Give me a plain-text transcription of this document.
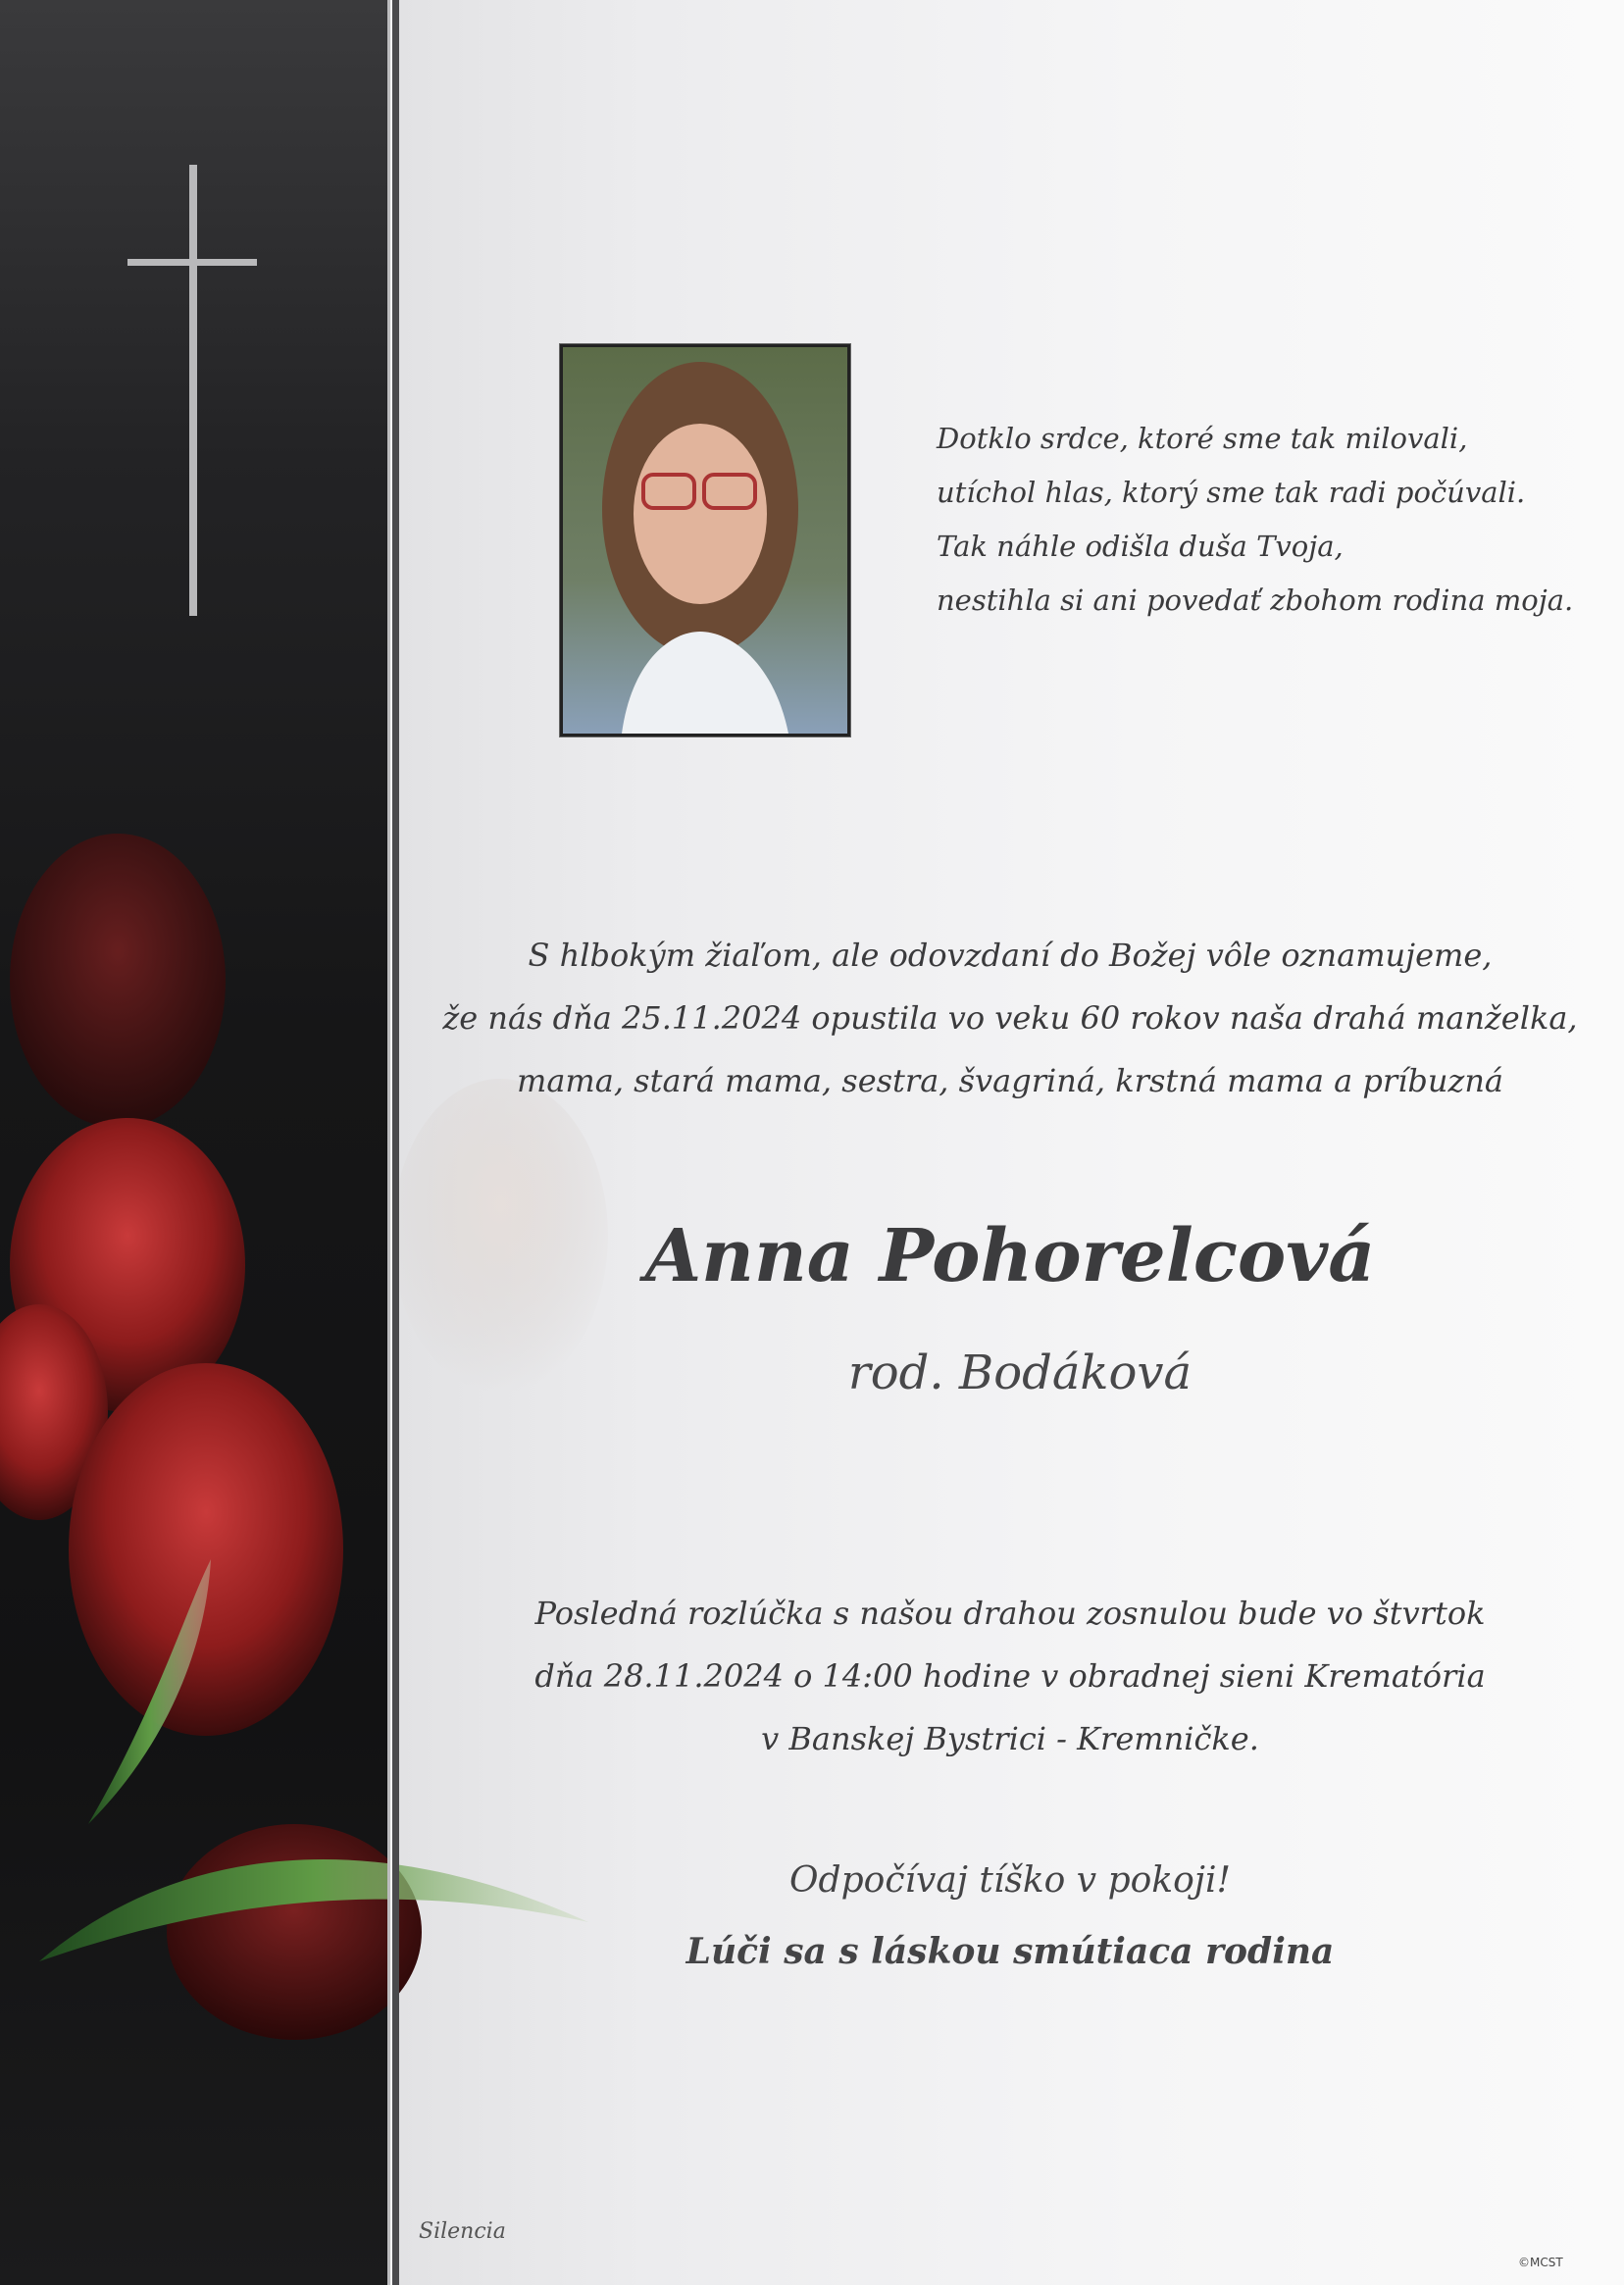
Dotklo srdce, ktoré sme tak milovali,
utíchol hlas, ktorý sme tak radi počúvali.
Tak náhle odišla duša Tvoja,
nestihla si ani povedať zbohom rodina moja.
S hlbokým žiaľom, ale odovzdaní do Božej vôle oznamujeme,
že nás dňa 25.11.2024 opustila vo veku 60 rokov naša drahá manželka,
mama, stará mama, sestra, švagriná, krstná mama a príbuzná
Anna Pohorelcová
rod. Bodáková
Posledná rozlúčka s našou drahou zosnulou bude vo štvrtok
dňa 28.11.2024 o 14:00 hodine v obradnej sieni Krematória
v Banskej Bystrici - Kremničke.
Odpočívaj tíško v pokoji!
Lúči sa s láskou smútiaca rodina
Silencia
©MCST
